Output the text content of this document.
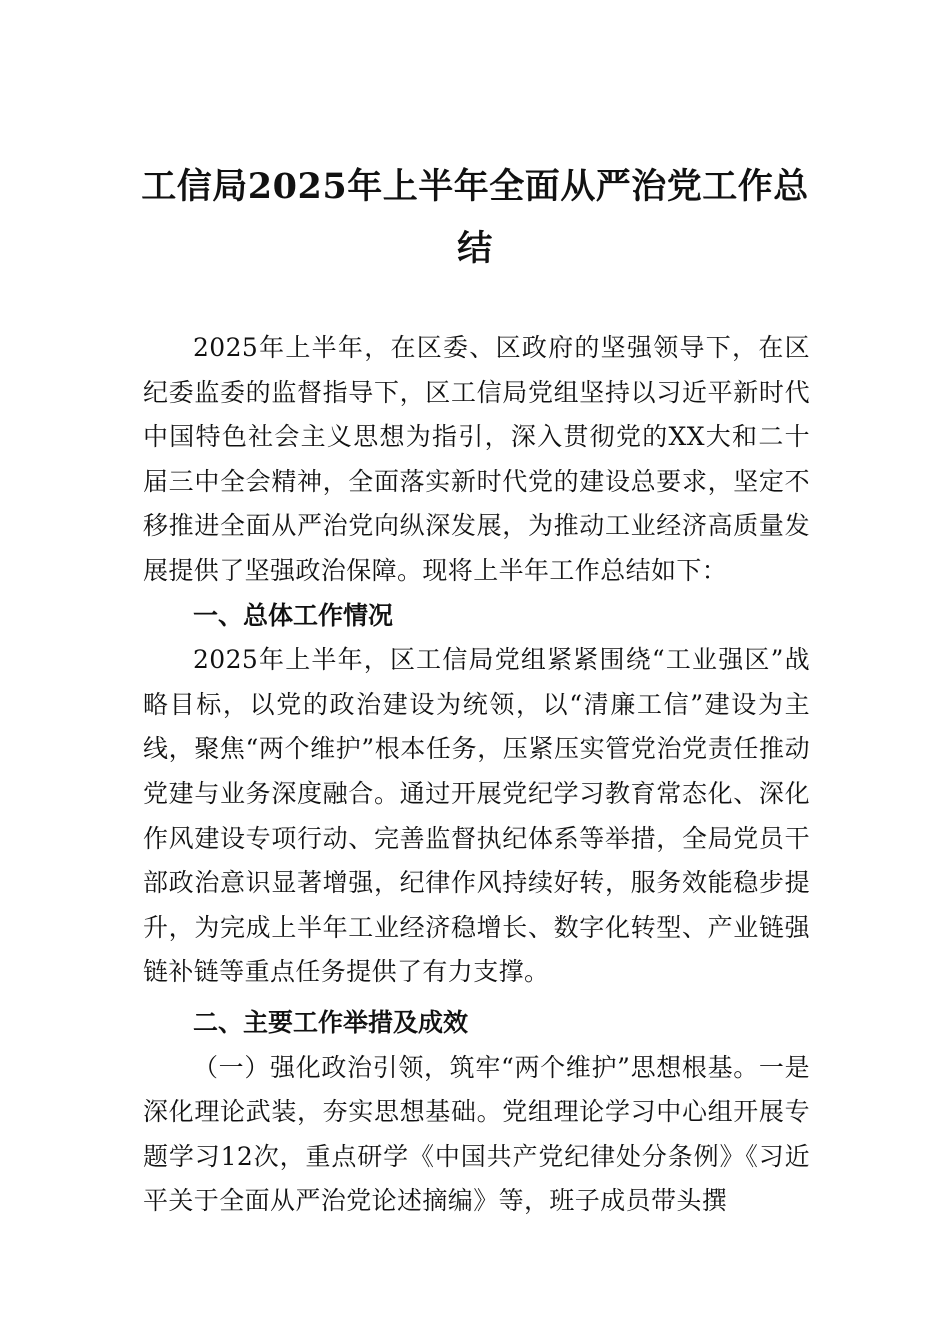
工信局2025年上半年全面从严治党工作总结

2025年上半年，在区委、区政府的坚强领导下，在区纪委监委的监督指导下，区工信局党组坚持以习近平新时代中国特色社会主义思想为指引，深入贯彻党的XX大和二十届三中全会精神，全面落实新时代党的建设总要求，坚定不移推进全面从严治党向纵深发展，为推动工业经济高质量发展提供了坚强政治保障。现将上半年工作总结如下：

一、总体工作情况

2025年上半年，区工信局党组紧紧围绕“工业强区”战略目标，以党的政治建设为统领，以“清廉工信”建设为主线，聚焦“两个维护”根本任务，压紧压实管党治党责任推动党建与业务深度融合。通过开展党纪学习教育常态化、深化作风建设专项行动、完善监督执纪体系等举措，全局党员干部政治意识显著增强，纪律作风持续好转，服务效能稳步提升，为完成上半年工业经济稳增长、数字化转型、产业链强链补链等重点任务提供了有力支撑。

二、主要工作举措及成效

（一）强化政治引领，筑牢“两个维护”思想根基。一是深化理论武装，夯实思想基础。党组理论学习中心组开展专题学习12次，重点研学《中国共产党纪律处分条例》《习近平关于全面从严治党论述摘编》等，班子成员带头撰
